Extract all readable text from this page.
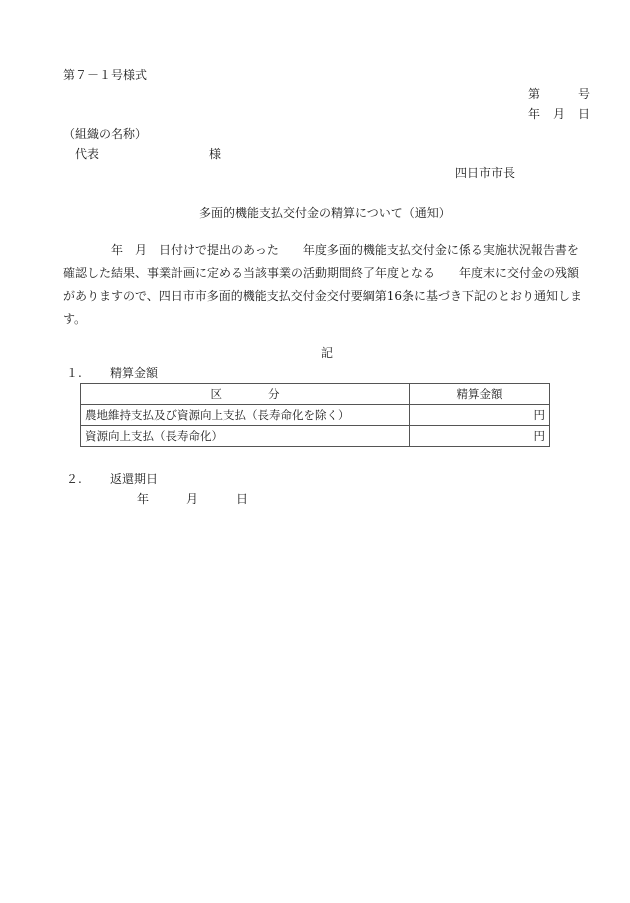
第７－１号様式
第	号
年 月 日
（組織の名称）
代表	様
四日市市長
多面的機能支払交付金の精算について（通知）
　　　　年　月　日付けで提出のあった　　年度多面的機能支払交付金に係る実施状況報告書を
確認した結果、事業計画に定める当該事業の活動期間終了年度となる　　年度末に交付金の残額
がありますので、四日市市多面的機能支払交付金交付要綱第16条に基づき下記のとおり通知しま
す。
記
１. 精算金額
区　　　　分	精算金額
農地維持支払及び資源向上支払（長寿命化を除く）	円
資源向上支払（長寿命化）	円
２. 返還期日
年	月	日
